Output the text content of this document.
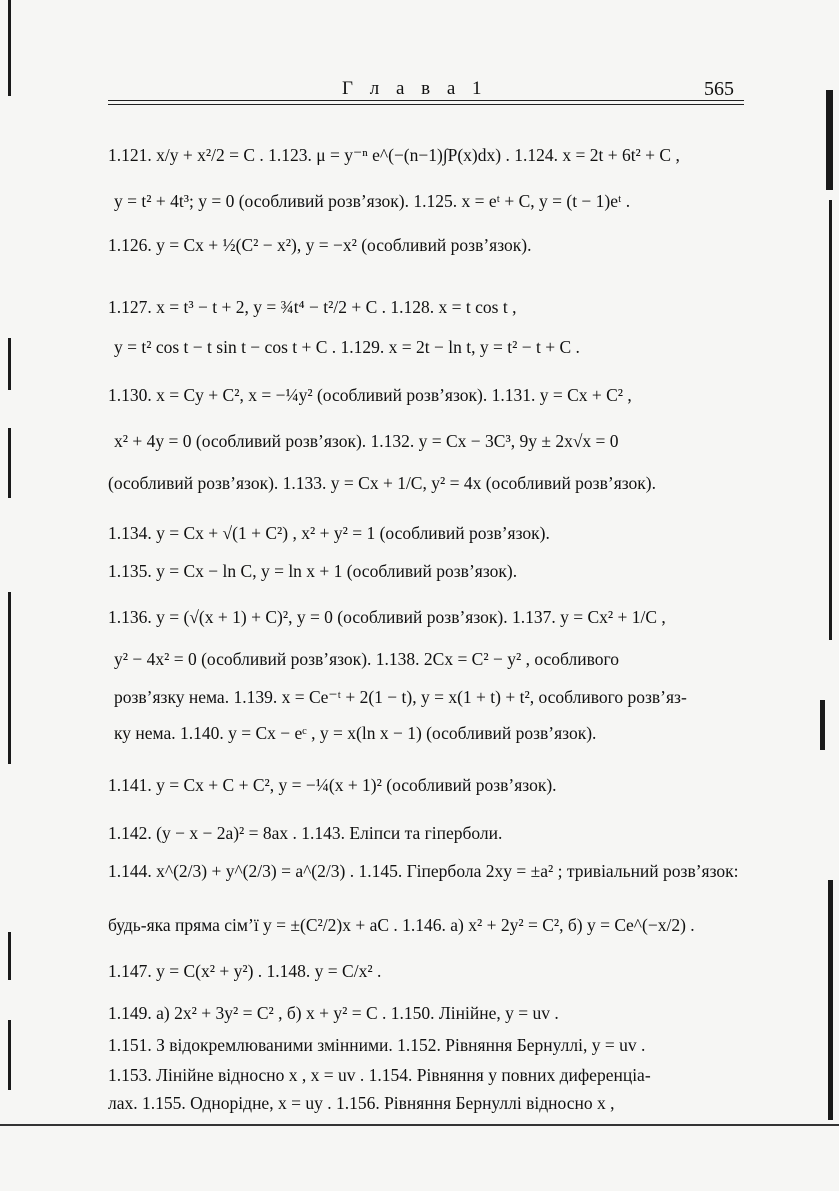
Г л а в а 1	565
1.121. x/y + x²/2 = C . 1.123. μ = y⁻ⁿ e^(−(n−1)∫P(x)dx) . 1.124. x = 2t + 6t² + C ,
y = t² + 4t³; y = 0 (особливий розв’язок). 1.125. x = eᵗ + C, y = (t − 1)eᵗ .
1.126. y = Cx + ½(C² − x²), y = −x² (особливий розв’язок).
1.127. x = t³ − t + 2, y = ¾t⁴ − t²/2 + C . 1.128. x = t cos t ,
y = t² cos t − t sin t − cos t + C . 1.129. x = 2t − ln t, y = t² − t + C .
1.130. x = Cy + C², x = −¼y² (особливий розв’язок). 1.131. y = Cx + C² ,
x² + 4y = 0 (особливий розв’язок). 1.132. y = Cx − 3C³, 9y ± 2x√x = 0
(особливий розв’язок). 1.133. y = Cx + 1/C, y² = 4x (особливий розв’язок).
1.134. y = Cx + √(1 + C²) , x² + y² = 1 (особливий розв’язок).
1.135. y = Cx − ln C, y = ln x + 1 (особливий розв’язок).
1.136. y = (√(x + 1) + C)², y = 0 (особливий розв’язок). 1.137. y = Cx² + 1/C ,
y² − 4x² = 0 (особливий розв’язок). 1.138. 2Cx = C² − y² , особливого
розв’язку нема. 1.139. x = Ce⁻ᵗ + 2(1 − t), y = x(1 + t) + t², особливого розв’яз-
ку нема. 1.140. y = Cx − eᶜ , y = x(ln x − 1) (особливий розв’язок).
1.141. y = Cx + C + C², y = −¼(x + 1)² (особливий розв’язок).
1.142. (y − x − 2a)² = 8ax . 1.143. Еліпси та гіперболи.
1.144. x^(2/3) + y^(2/3) = a^(2/3) . 1.145. Гіпербола 2xy = ±a² ; тривіальний розв’язок:
будь-яка пряма сім’ї y = ±(C²/2)x + aC . 1.146. а) x² + 2y² = C², б) y = Ce^(−x/2) .
1.147. y = C(x² + y²) . 1.148. y = C/x² .
1.149. а) 2x² + 3y² = C² , б) x + y² = C . 1.150. Лінійне, y = uv .
1.151. З відокремлюваними змінними. 1.152. Рівняння Бернуллі, y = uv .
1.153. Лінійне відносно x , x = uv . 1.154. Рівняння у повних диференціа-
лах. 1.155. Однорідне, x = uy . 1.156. Рівняння Бернуллі відносно x ,
